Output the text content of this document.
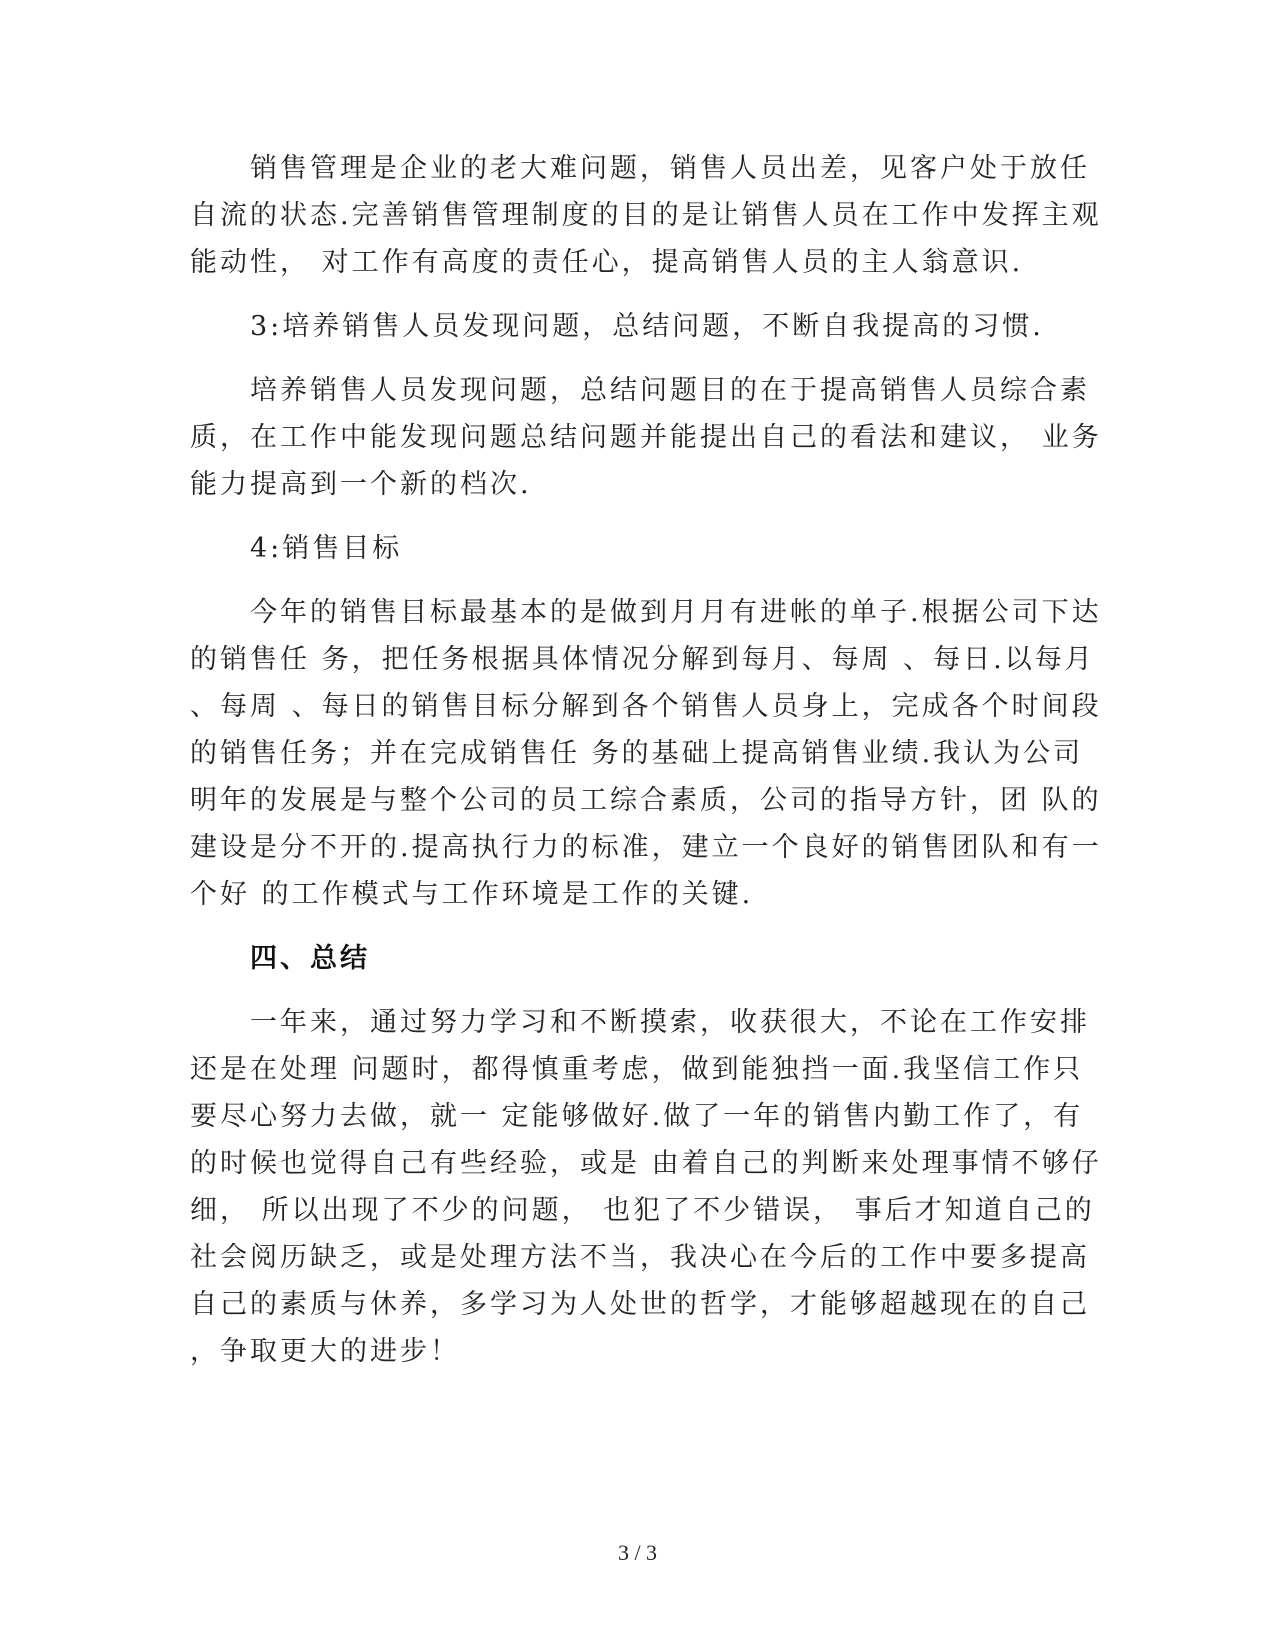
销售管理是企业的老大难问题，销售人员出差，见客户处于放任
自流的状态.完善销售管理制度的目的是让销售人员在工作中发挥主观
能动性， 对工作有高度的责任心，提高销售人员的主人翁意识.

3:培养销售人员发现问题，总结问题，不断自我提高的习惯.

培养销售人员发现问题，总结问题目的在于提高销售人员综合素
质，在工作中能发现问题总结问题并能提出自己的看法和建议， 业务
能力提高到一个新的档次.

4:销售目标

今年的销售目标最基本的是做到月月有进帐的单子.根据公司下达
的销售任 务，把任务根据具体情况分解到每月、每周 、每日.以每月
、每周 、每日的销售目标分解到各个销售人员身上，完成各个时间段
的销售任务；并在完成销售任 务的基础上提高销售业绩.我认为公司
明年的发展是与整个公司的员工综合素质，公司的指导方针，团 队的
建设是分不开的.提高执行力的标准，建立一个良好的销售团队和有一
个好 的工作模式与工作环境是工作的关键.

四、总结

一年来，通过努力学习和不断摸索，收获很大，不论在工作安排
还是在处理 问题时，都得慎重考虑，做到能独挡一面.我坚信工作只
要尽心努力去做，就一 定能够做好.做了一年的销售内勤工作了，有
的时候也觉得自己有些经验，或是 由着自己的判断来处理事情不够仔
细， 所以出现了不少的问题， 也犯了不少错误， 事后才知道自己的
社会阅历缺乏，或是处理方法不当，我决心在今后的工作中要多提高
自己的素质与休养，多学习为人处世的哲学，才能够超越现在的自己
，争取更大的进步！

3 / 3
